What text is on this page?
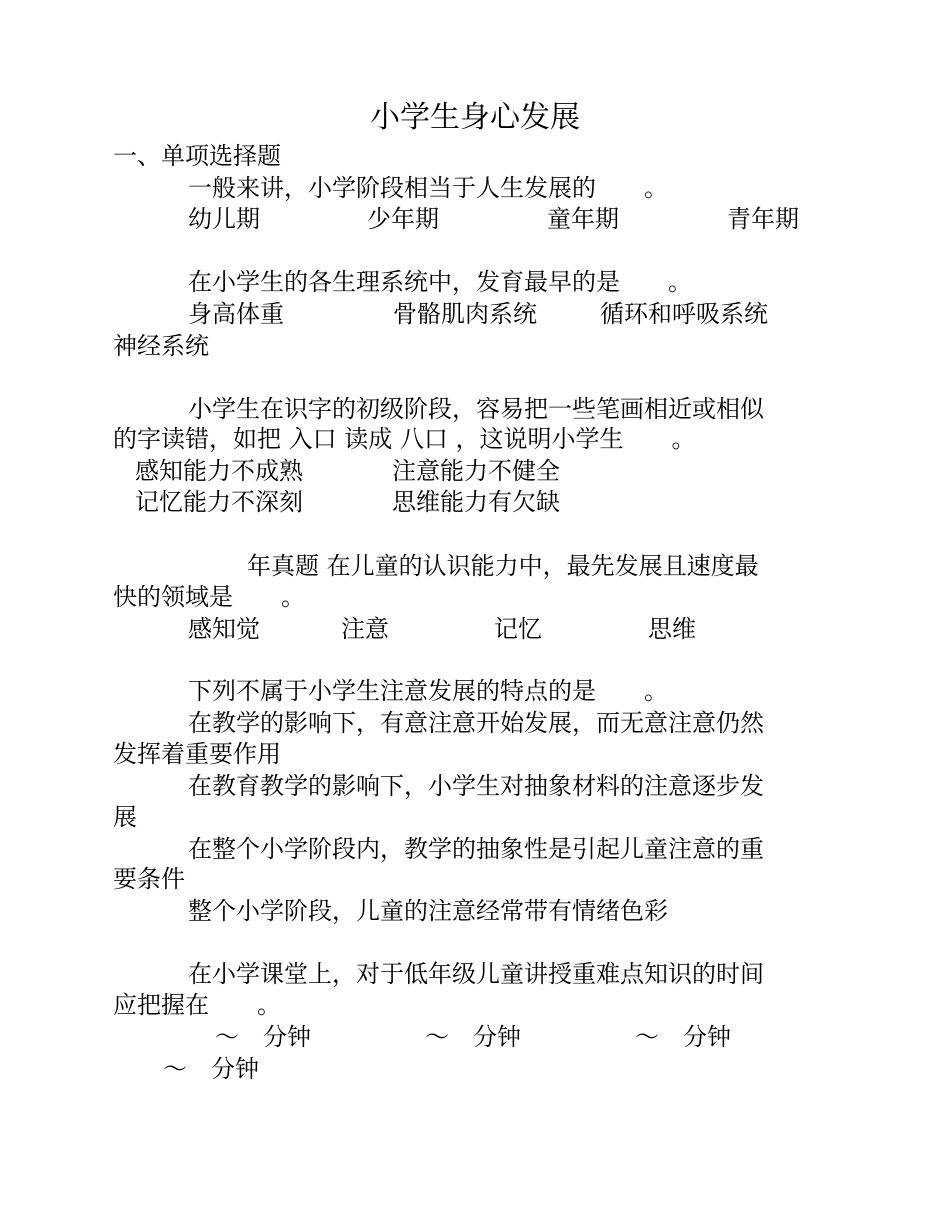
小学生身心发展
一、单项选择题
一般来讲，小学阶段相当于人生发展的　　。
幼儿期	少年期	童年期	青年期
在小学生的各生理系统中，发育最早的是　　。
身高体重	骨骼肌肉系统	循环和呼吸系统
神经系统
小学生在识字的初级阶段，容易把一些笔画相近或相似
的字读错，如把 入口 读成 八口 ，这说明小学生　　。
感知能力不成熟	注意能力不健全
记忆能力不深刻	思维能力有欠缺
年真题 在儿童的认识能力中，最先发展且速度最
快的领域是　　。
感知觉	注意	记忆	思维
下列不属于小学生注意发展的特点的是　　。
在教学的影响下，有意注意开始发展，而无意注意仍然
发挥着重要作用
在教育教学的影响下，小学生对抽象材料的注意逐步发
展
在整个小学阶段内，教学的抽象性是引起儿童注意的重
要条件
整个小学阶段，儿童的注意经常带有情绪色彩
在小学课堂上，对于低年级儿童讲授重难点知识的时间
应把握在　　。
～　分钟	～　分钟	～　分钟
～　分钟
